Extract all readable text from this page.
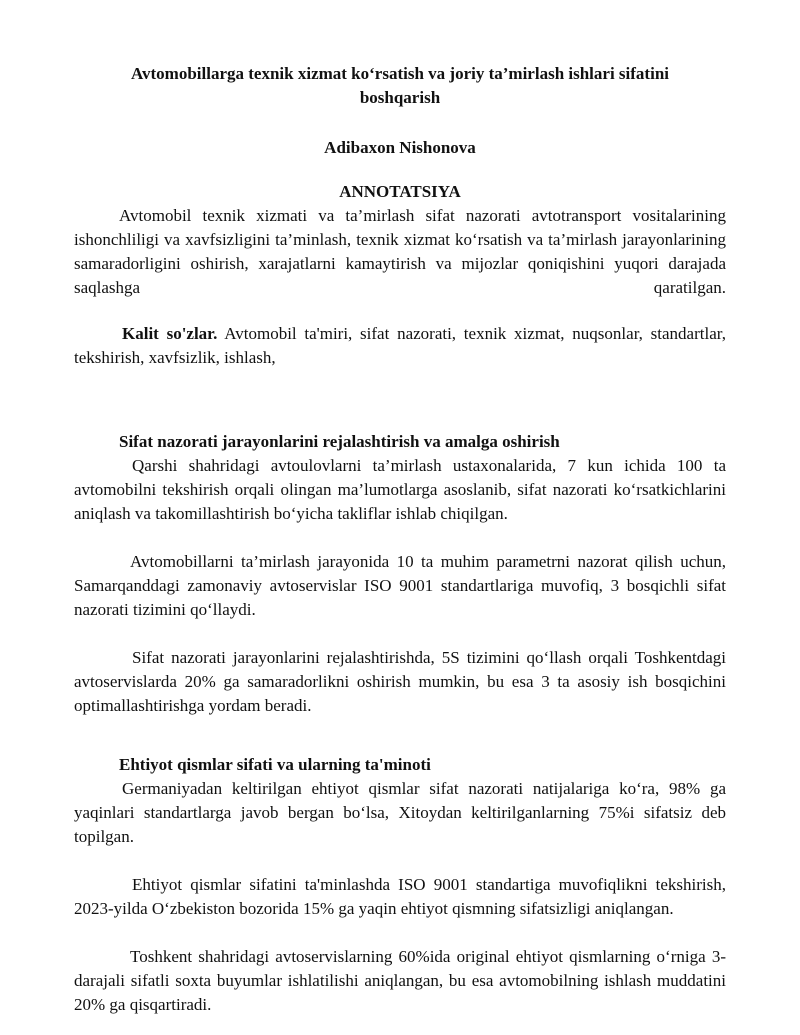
Avtomobillarga texnik xizmat ko‘rsatish va joriy ta’mirlash ishlari sifatini boshqarish
Adibaxon Nishonova
ANNOTATSIYA

Avtomobil texnik xizmati va ta’mirlash sifat nazorati avtotransport vositalarining ishonchliligi va xavfsizligini ta’minlash, texnik xizmat ko‘rsatish va ta’mirlash jarayonlarining samaradorligini oshirish, xarajatlarni kamaytirish va mijozlar qoniqishini yuqori darajada saqlashga qaratilgan.

Kalit so'zlar. Avtomobil ta'miri, sifat nazorati, texnik xizmat, nuqsonlar, standartlar, tekshirish, xavfsizlik, ishlash,

Sifat nazorati jarayonlarini rejalashtirish va amalga oshirish

Qarshi shahridagi avtoulovlarni ta’mirlash ustaxonalarida, 7 kun ichida 100 ta avtomobilni tekshirish orqali olingan ma’lumotlarga asoslanib, sifat nazorati ko‘rsatkichlarini aniqlash va takomillashtirish bo‘yicha takliflar ishlab chiqilgan.

Avtomobillarni ta’mirlash jarayonida 10 ta muhim parametrni nazorat qilish uchun, Samarqanddagi zamonaviy avtoservislar ISO 9001 standartlariga muvofiq, 3 bosqichli sifat nazorati tizimini qo‘llaydi.

Sifat nazorati jarayonlarini rejalashtirishda, 5S tizimini qo‘llash orqali Toshkentdagi avtoservislarda 20% ga samaradorlikni oshirish mumkin, bu esa 3 ta asosiy ish bosqichini optimallashtirishga yordam beradi.

Ehtiyot qismlar sifati va ularning ta'minoti

Germaniyadan keltirilgan ehtiyot qismlar sifat nazorati natijalariga ko‘ra, 98% ga yaqinlari standartlarga javob bergan bo‘lsa, Xitoydan keltirilganlarning 75%i sifatsiz deb topilgan.

Ehtiyot qismlar sifatini ta'minlashda ISO 9001 standartiga muvofiqlikni tekshirish, 2023-yilda O‘zbekiston bozorida 15% ga yaqin ehtiyot qismning sifatsizligi aniqlangan.

Toshkent shahridagi avtoservislarning 60%ida original ehtiyot qismlarning o‘rniga 3-darajali sifatli soxta buyumlar ishlatilishi aniqlangan, bu esa avtomobilning ishlash muddatini 20% ga qisqartiradi.
